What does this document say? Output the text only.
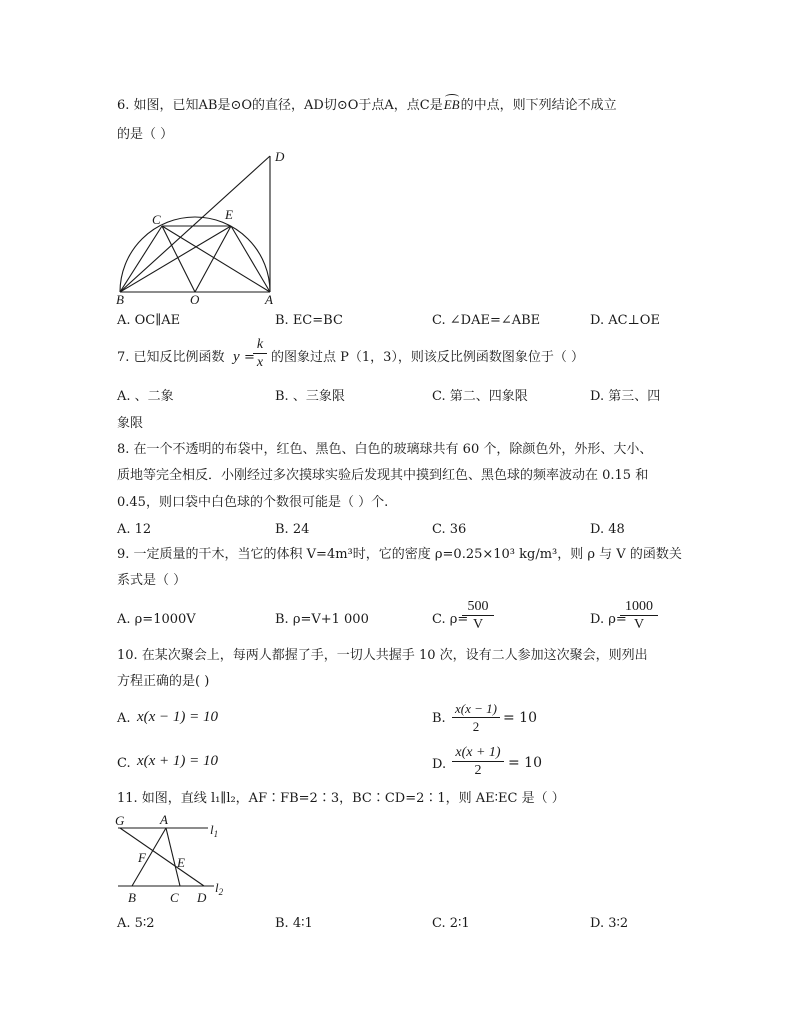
6. 如图，已知AB是⊙O的直径，AD切⊙O于点A，点C是EB
的中点，则下列结论不成立
的是（ ）
D
C	E
B	O	A
A. OC∥AE	B. EC=BC	C. ∠DAE=∠ABE	D. AC⊥OE
7. 已知反比例函数 y =
$\frac{k}{x}$ 的图象过点 P（1，3），则该反比例函数图象位于（ ）
A. 、二象	B. 、三象限	C. 第二、四象限	D. 第三、四
象限
8. 在一个不透明的布袋中，红色、黑色、白色的玻璃球共有 60 个，除颜色外，外形、大小、
质地等完全相反．小刚经过多次摸球实验后发现其中摸到红色、黑色球的频率波动在 0.15 和
0.45，则口袋中白色球的个数很可能是（ ）个.
A. 12	B. 24	C. 36	D. 48
9. 一定质量的干木，当它的体积 V=4m³时，它的密度 ρ=0.25×10³ kg/m³，则 ρ 与 V 的函数关
系式是（ ）
A. ρ=1000V	B. ρ=V+1 000	C. ρ=
$\frac{500}{V}$	D. ρ=
$\frac{1000}{V}$
10. 在某次聚会上，每两人都握了手，一切人共握手 10 次，设有二人参加这次聚会，则列出
方程正确的是( )
A. x(x − 1) = 10	B. $\frac{x(x - 1)}{2} = 10$
C. x(x + 1) = 10	D. $\frac{x(x + 1)}{2} = 10$
11. 如图，直线 l₁∥l₂，AF∶FB=2∶3，BC∶CD=2∶1，则 AE∶EC 是（ ）
G	A
$l_1$
F E
B	C D
$l_2$
A. 5∶2	B. 4∶1	C. 2∶1	D. 3∶2
